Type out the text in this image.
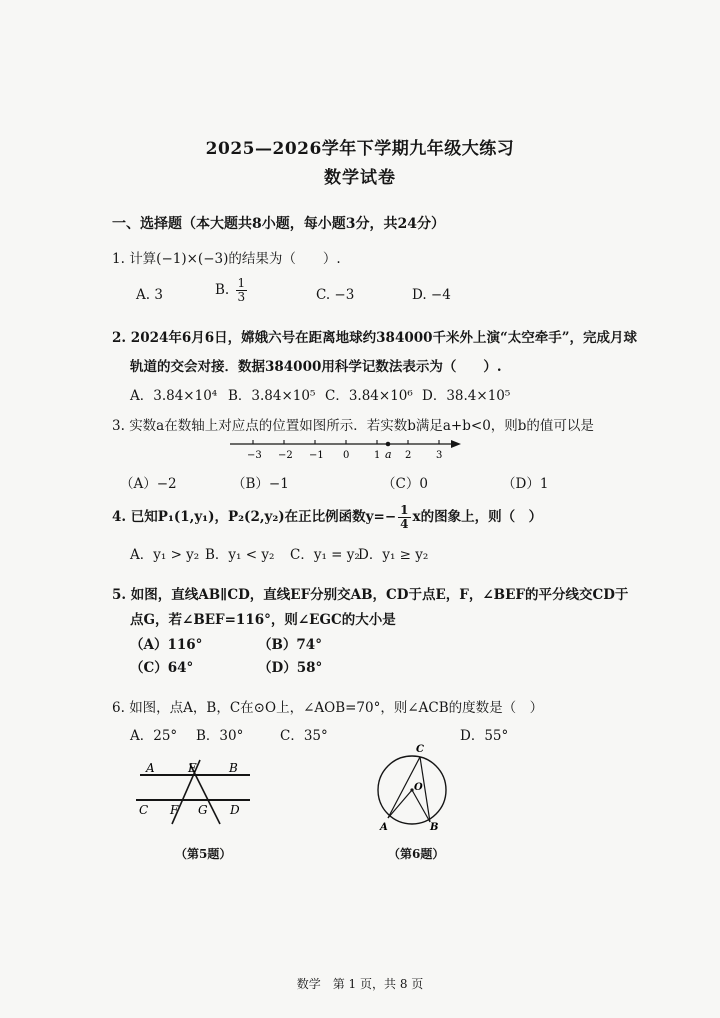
2025—2026学年下学期九年级大练习
数学试卷
一、选择题（本大题共8小题，每小题3分，共24分）
1. 计算(−1)×(−3)的结果为（　　）.
A. 3	B. $\frac{1}{3}$	C. −3	D. −4
2. 2024年6月6日，嫦娥六号在距离地球约384000千米外上演“太空牵手”，完成月球
轨道的交会对接．数据384000用科学记数法表示为（　　）.
A．3.84×10⁴ B．3.84×10⁵ C．3.84×10⁶ D．38.4×10⁵
3. 实数a在数轴上对应点的位置如图所示．若实数b满足a+b<0，则b的值可以是
−3 −2 −1 0 1 2 3
a
（A）−2	（B）−1	（C）0	（D）1
4. 已知P₁(1,y₁)，P₂(2,y₂)在正比例函数$y=- \frac{1}{4}$ x的图象上，则（　）
A．y₁ > y₂ B．y₁ < y₂ C．y₁ = y₂
D．y₁ ≥ y₂
5. 如图，直线AB∥CD，直线EF分别交AB，CD于点E，F，∠BEF的平分线交CD于
点G，若∠BEF=116°，则∠EGC的大小是
（A）116°	（B）74°
（C）64°	（D）58°
6. 如图，点A，B，C在⊙O上，∠AOB=70°，则∠ACB的度数是（　）
A．25° B．30°	C．35°	D．55°
A	E	B
C F G D
（第5题）
C
O
A	B
（第6题）
数学　第 1 页，共 8 页
